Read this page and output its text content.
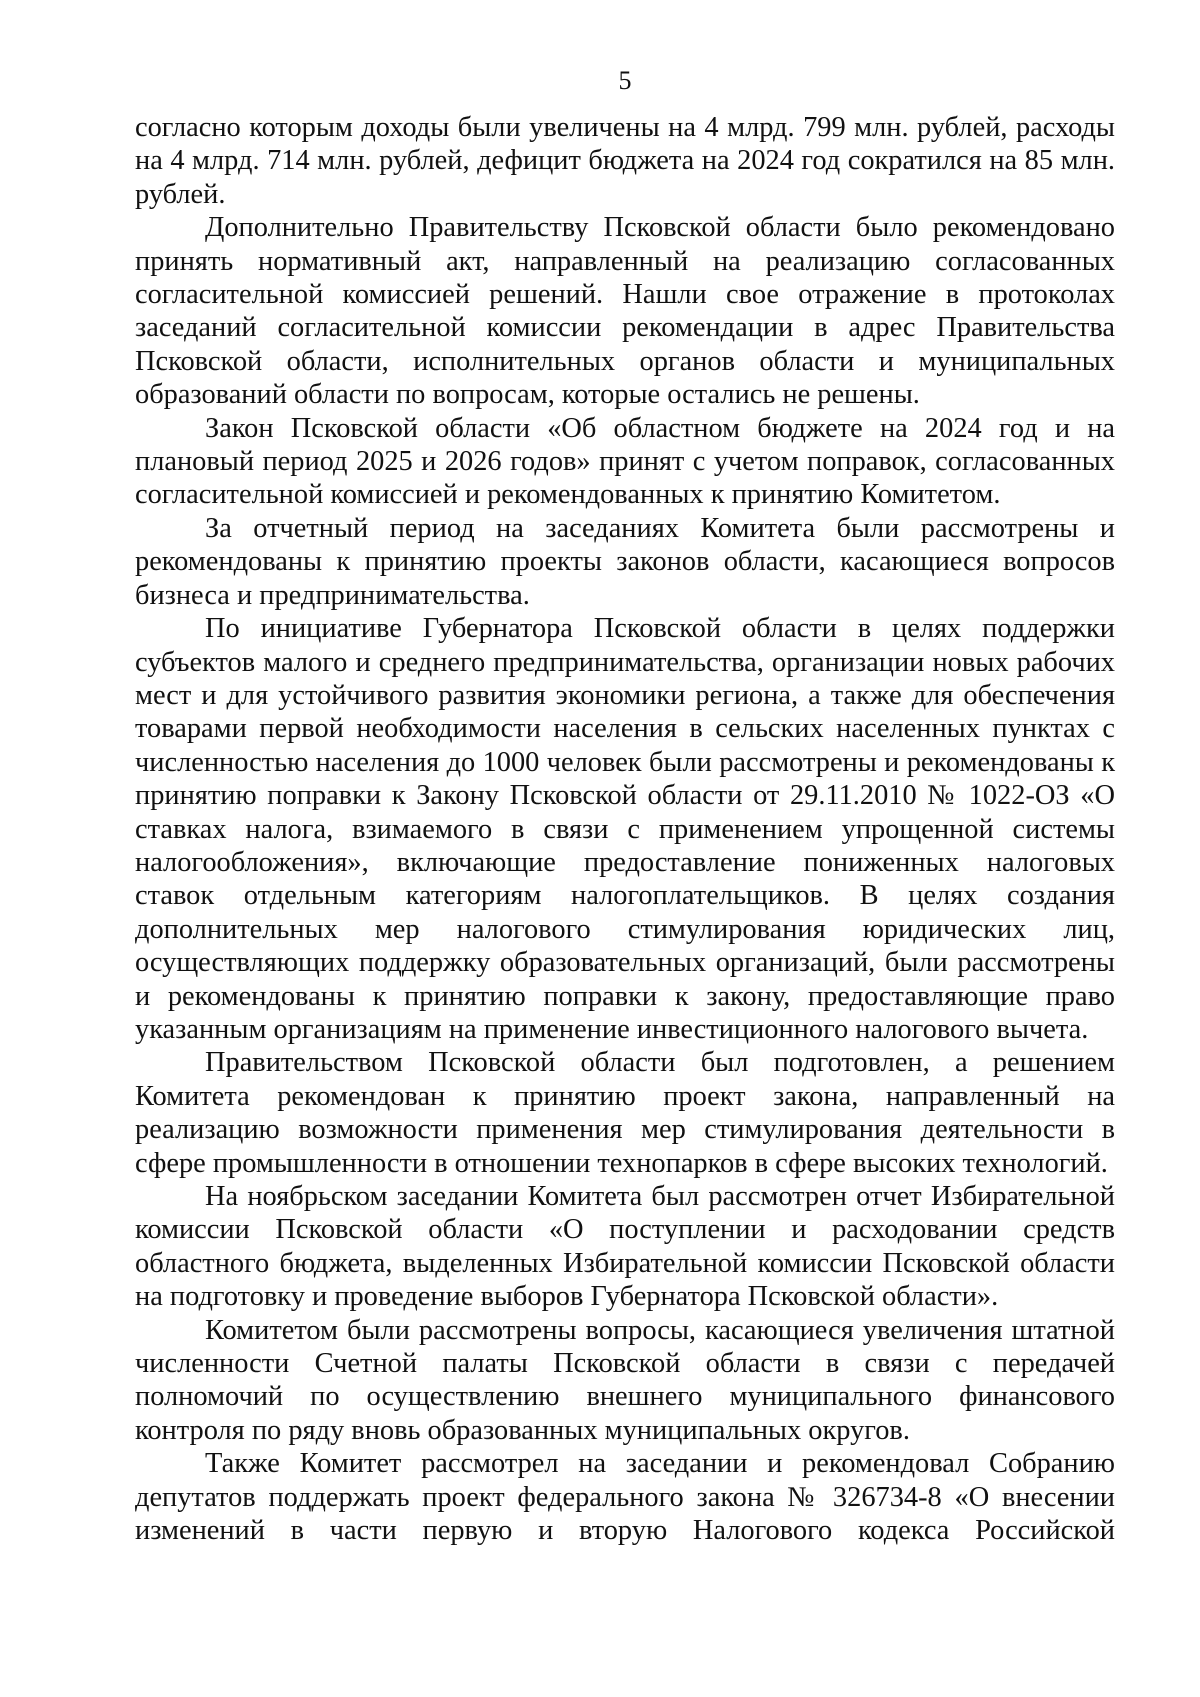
5

согласно которым доходы были увеличены на 4 млрд. 799 млн. рублей, расходы на 4 млрд. 714 млн. рублей, дефицит бюджета на 2024 год сократился на 85 млн. рублей.

Дополнительно Правительству Псковской области было рекомендовано принять нормативный акт, направленный на реализацию согласованных согласительной комиссией решений. Нашли свое отражение в протоколах заседаний согласительной комиссии рекомендации в адрес Правительства Псковской области, исполнительных органов области и муниципальных образований области по вопросам, которые остались не решены.

Закон Псковской области «Об областном бюджете на 2024 год и на плановый период 2025 и 2026 годов» принят с учетом поправок, согласованных согласительной комиссией и рекомендованных к принятию Комитетом.

За отчетный период на заседаниях Комитета были рассмотрены и рекомендованы к принятию проекты законов области, касающиеся вопросов бизнеса и предпринимательства.

По инициативе Губернатора Псковской области в целях поддержки субъектов малого и среднего предпринимательства, организации новых рабочих мест и для устойчивого развития экономики региона, а также для обеспечения товарами первой необходимости населения в сельских населенных пунктах с численностью населения до 1000 человек были рассмотрены и рекомендованы к принятию поправки к Закону Псковской области от 29.11.2010 № 1022-ОЗ «О ставках налога, взимаемого в связи с применением упрощенной системы налогообложения», включающие предоставление пониженных налоговых ставок отдельным категориям налогоплательщиков. В целях создания дополнительных мер налогового стимулирования юридических лиц, осуществляющих поддержку образовательных организаций, были рассмотрены и рекомендованы к принятию поправки к закону, предоставляющие право указанным организациям на применение инвестиционного налогового вычета.

Правительством Псковской области был подготовлен, а решением Комитета рекомендован к принятию проект закона, направленный на реализацию возможности применения мер стимулирования деятельности в сфере промышленности в отношении технопарков в сфере высоких технологий.

На ноябрьском заседании Комитета был рассмотрен отчет Избирательной комиссии Псковской области «О поступлении и расходовании средств областного бюджета, выделенных Избирательной комиссии Псковской области на подготовку и проведение выборов Губернатора Псковской области».

Комитетом были рассмотрены вопросы, касающиеся увеличения штатной численности Счетной палаты Псковской области в связи с передачей полномочий по осуществлению внешнего муниципального финансового контроля по ряду вновь образованных муниципальных округов.

Также Комитет рассмотрел на заседании и рекомендовал Собранию депутатов поддержать проект федерального закона № 326734-8 «О внесении изменений в части первую и вторую Налогового кодекса Российской
